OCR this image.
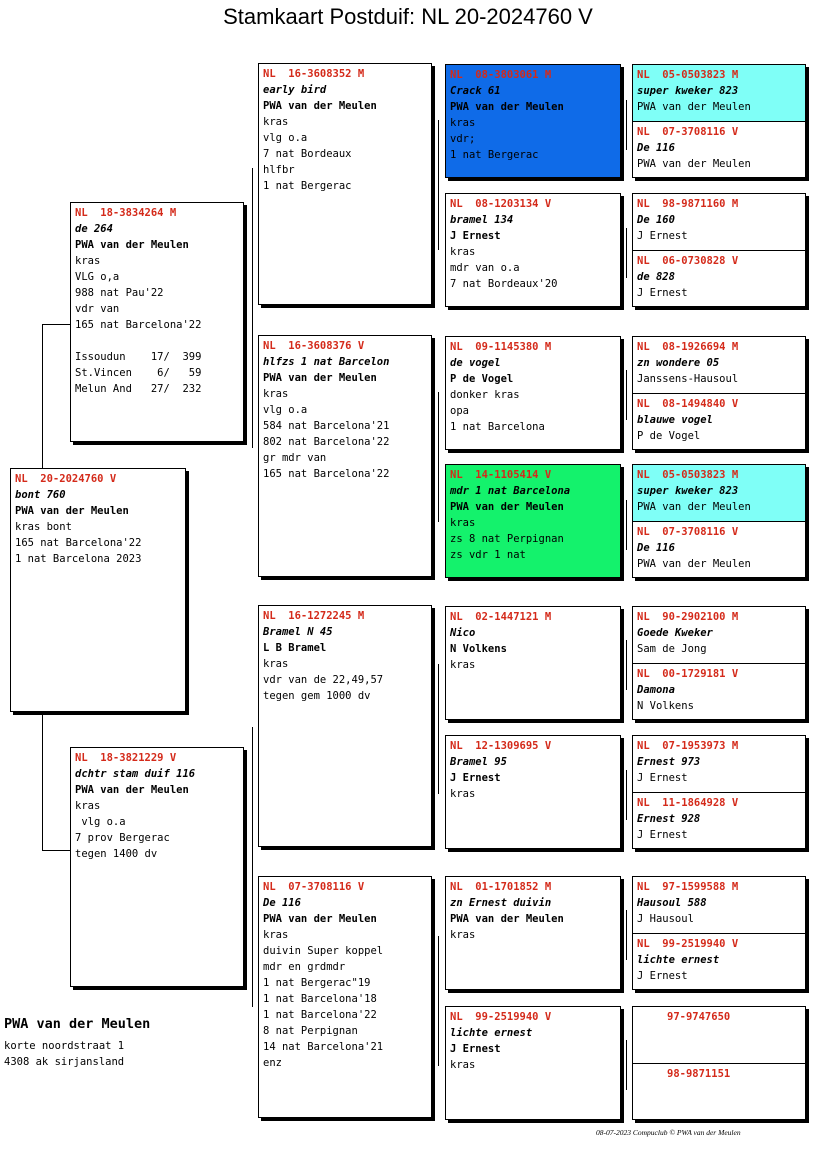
Stamkaart Postduif: NL 20-2024760 V
NL  20-2024760 V
bont 760
PWA van der Meulen
kras bont
165 nat Barcelona'22
1 nat Barcelona 2023
NL  18-3834264 M
de 264
PWA van der Meulen
kras
VLG o,a
988 nat Pau'22
vdr van
165 nat Barcelona'22
Issoudun    17/  399
St.Vincen    6/   59
Melun And   27/  232
NL  18-3821229 V
dchtr stam duif 116
PWA van der Meulen
kras
vlg o.a
7 prov Bergerac
tegen 1400 dv
NL  16-3608352 M
early bird
PWA van der Meulen
kras
vlg o.a
7 nat Bordeaux
hlfbr
1 nat Bergerac
NL  16-3608376 V
hlfzs 1 nat Barcelon
PWA van der Meulen
kras
vlg o.a
584 nat Barcelona'21
802 nat Barcelona'22
gr mdr van
165 nat Barcelona'22
NL  16-1272245 M
Bramel N 45
L B Bramel
kras
vdr van de 22,49,57
tegen gem 1000 dv
NL  07-3708116 V
De 116
PWA van der Meulen
kras
duivin Super koppel
mdr en grdmdr
1 nat Bergerac"19
1 nat Barcelona'18
1 nat Barcelona'22
8 nat Perpignan
14 nat Barcelona'21
enz
NL  08-3803061 M
Crack 61
PWA van der Meulen
kras
vdr;
1 nat Bergerac
NL  08-1203134 V
bramel 134
J Ernest
kras
mdr van o.a
7 nat Bordeaux'20
NL  09-1145380 M
de vogel
P de Vogel
donker kras
opa
1 nat Barcelona
NL  14-1105414 V
mdr 1 nat Barcelona
PWA van der Meulen
kras
zs 8 nat Perpignan
zs vdr 1 nat
NL  02-1447121 M
Nico
N Volkens
kras
NL  12-1309695 V
Bramel 95
J Ernest
kras
NL  01-1701852 M
zn Ernest duivin
PWA van der Meulen
kras
NL  99-2519940 V
lichte ernest
J Ernest
kras
NL  05-0503823 M
super kweker 823
PWA van der Meulen
NL  07-3708116 V
De 116
PWA van der Meulen
NL  98-9871160 M
De 160
J Ernest
NL  06-0730828 V
de 828
J Ernest
NL  08-1926694 M
zn wondere 05
Janssens-Hausoul
NL  08-1494840 V
blauwe vogel
P de Vogel
NL  05-0503823 M
super kweker 823
PWA van der Meulen
NL  07-3708116 V
De 116
PWA van der Meulen
NL  90-2902100 M
Goede Kweker
Sam de Jong
NL  00-1729181 V
Damona
N Volkens
NL  07-1953973 M
Ernest 973
J Ernest
NL  11-1864928 V
Ernest 928
J Ernest
NL  97-1599588 M
Hausoul 588
J Hausoul
NL  99-2519940 V
lichte ernest
J Ernest
97-9747650
98-9871151
PWA van der Meulen
korte noordstraat 1
4308 ak sirjansland
08-07-2023 Compuclub © PWA van der Meulen
